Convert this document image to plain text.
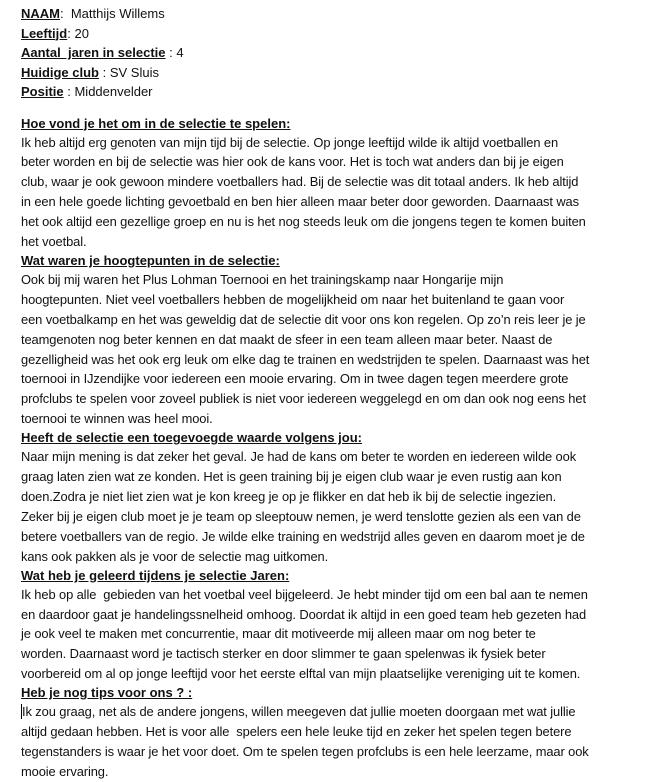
NAAM:  Matthijs Willems
Leeftijd: 20
Aantal  jaren in selectie : 4
Huidige club : SV Sluis
Positie : Middenvelder
Hoe vond je het om in de selectie te spelen:
Ik heb altijd erg genoten van mijn tijd bij de selectie. Op jonge leeftijd wilde ik altijd voetballen en
beter worden en bij de selectie was hier ook de kans voor. Het is toch wat anders dan bij je eigen
club, waar je ook gewoon mindere voetballers had. Bij de selectie was dit totaal anders. Ik heb altijd
in een hele goede lichting gevoetbald en ben hier alleen maar beter door geworden. Daarnaast was
het ook altijd een gezellige groep en nu is het nog steeds leuk om die jongens tegen te komen buiten
het voetbal.
Wat waren je hoogtepunten in de selectie:
Ook bij mij waren het Plus Lohman Toernooi en het trainingskamp naar Hongarije mijn
hoogtepunten. Niet veel voetballers hebben de mogelijkheid om naar het buitenland te gaan voor
een voetbalkamp en het was geweldig dat de selectie dit voor ons kon regelen. Op zo’n reis leer je je
teamgenoten nog beter kennen en dat maakt de sfeer in een team alleen maar beter. Naast de
gezelligheid was het ook erg leuk om elke dag te trainen en wedstrijden te spelen. Daarnaast was het
toernooi in IJzendijke voor iedereen een mooie ervaring. Om in twee dagen tegen meerdere grote
profclubs te spelen voor zoveel publiek is niet voor iedereen weggelegd en om dan ook nog eens het
toernooi te winnen was heel mooi.
Heeft de selectie een toegevoegde waarde volgens jou:
Naar mijn mening is dat zeker het geval. Je had de kans om beter te worden en iedereen wilde ook
graag laten zien wat ze konden. Het is geen training bij je eigen club waar je even rustig aan kon
doen.Zodra je niet liet zien wat je kon kreeg je op je flikker en dat heb ik bij de selectie ingezien.
Zeker bij je eigen club moet je je team op sleeptouw nemen, je werd tenslotte gezien als een van de
betere voetballers van de regio. Je wilde elke training en wedstrijd alles geven en daarom moet je de
kans ook pakken als je voor de selectie mag uitkomen.
Wat heb je geleerd tijdens je selectie Jaren:
Ik heb op alle  gebieden van het voetbal veel bijgeleerd. Je hebt minder tijd om een bal aan te nemen
en daardoor gaat je handelingssnelheid omhoog. Doordat ik altijd in een goed team heb gezeten had
je ook veel te maken met concurrentie, maar dit motiveerde mij alleen maar om nog beter te
worden. Daarnaast word je tactisch sterker en door slimmer te gaan spelenwas ik fysiek beter
voorbereid om al op jonge leeftijd voor het eerste elftal van mijn plaatselijke vereniging uit te komen.
Heb je nog tips voor ons ? :
Ik zou graag, net als de andere jongens, willen meegeven dat jullie moeten doorgaan met wat jullie
altijd gedaan hebben. Het is voor alle  spelers een hele leuke tijd en zeker het spelen tegen betere
tegenstanders is waar je het voor doet. Om te spelen tegen profclubs is een hele leerzame, maar ook
mooie ervaring.
